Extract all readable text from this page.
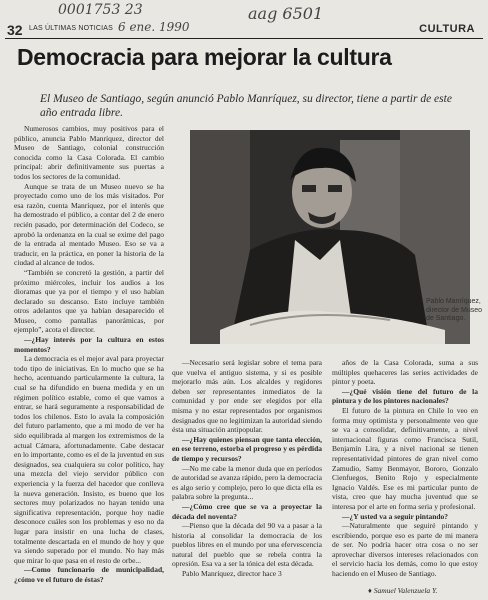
0001753 23
6 ene. 1990
aag 6501
32 LAS ÚLTIMAS NOTICIAS	CULTURA
Democracia para mejorar la cultura

El Museo de Santiago, según anunció Pablo Manríquez, su director, tiene a partir de este año entrada libre.

Pablo Manríquez, director de Museo de Santiago.

Numerosos cambios, muy positivos para el público, anuncia Pablo Manríquez, director del Museo de Santiago, colonial construcción conocida como la Casa Colorada. El cambio principal: abrir definitivamente sus puertas a todos los sectores de la comunidad.

Aunque se trata de un Museo nuevo se ha proyectado como uno de los más visitados. Por esa razón, cuenta Manríquez, por el interés que ha demostrado el público, a contar del 2 de enero recién pasado, por determinación del Codeco, se aprobó la ordenanza en la cual se exime del pago de la entrada al mentado Museo. Eso se va a traducir, en la práctica, en poner la historia de la ciudad al alcance de todos.

“También se concretó la gestión, a partir del próximo miércoles, incluir los audios a los dioramas que ya por el tiempo y el uso habían declarado su descanso. Esto incluye también otros adelantos que ya habían desaparecido el Museo, como pantallas panorámicas, por ejemplo”, acota el director.

—¿Hay interés por la cultura en estos momentos?

La democracia es el mejor aval para proyectar todo tipo de iniciativas. En lo mucho que se ha hecho, acentuando particularmente la cultura, la cual se ha difundido en buena medida y en un régimen político estable, como el que vamos a entrar, se hará seguramente a responsabilidad de todos los chilenos. Esto lo avala la composición del futuro parlamento, que a mi modo de ver ha sido equilibrada al margen los extremismos de la actual Cámara, afortunadamente. Cabe destacar en lo importante, como es el de la juventud en sus designados, sea cualquiera su color político, hay una mezcla del viejo servidor público con experiencia y la fuerza del hacedor que conlleva la nueva generación. Insisto, es bueno que los sectores muy polarizados no hayan tenido una significativa representación, porque hoy nadie desconoce cuáles son los problemas y eso no da lugar para insistir en una lucha de clases, totalmente descartada en el mundo de hoy y que va siendo superado por el mundo. No hay más que mirar lo que pasa en el resto de orbe...

—Como funcionario de municipalidad, ¿cómo ve el futuro de éstas?

—Necesario será legislar sobre el tema para que vuelva el antiguo sistema, y si es posible mejorarlo más aún. Los alcaldes y regidores deben ser representantes inmediatos de la comunidad y por ende ser elegidos por ella misma y no estar representados por organismos designados que no legitimizan la autoridad siendo ésta una situación antipopular.

—¿Hay quienes piensan que tanta elección, en ese terreno, estorba el progreso y es pérdida de tiempo y recursos?

—No me cabe la menor duda que en períodos de autoridad se avanza rápido, pero la democracia es algo serio y complejo, pero lo que dicta ella es palabra sobre la pregunta...

—¿Cómo cree que se va a proyectar la década del noventa?

—Pienso que la década del 90 va a pasar a la historia al consolidar la democracia de los pueblos libres en el mundo por una efervescencia natural del pueblo que se rebela contra la opresión. Esa va a ser la tónica del esta década.

Pablo Manríquez, director hace 3

años de la Casa Colorada, suma a sus múltiples quehaceres las series actividades de pintor y poeta.

—¿Qué visión tiene del futuro de la pintura y de los pintores nacionales?

El futuro de la pintura en Chile lo veo en forma muy optimista y personalmente veo que se va a consolidar, definitivamente, a nivel internacional figuras como Francisca Sutil, Benjamín Lira, y a nivel nacional se tienen representatividad pintores de gran nivel como Zamudio, Samy Benmayor, Bororo, Gonzalo Cienfuegos, Benito Rojo y especialmente Ignacio Valdés. Ese es mi particular punto de vista, creo que hay mucha juventud que se interesa por el arte en forma seria y profesional.

—¿Y usted va a seguir pintando?

—Naturalmente que seguiré pintando y escribiendo, porque eso es parte de mi manera de ser. No podría hacer otra cosa o no ser aprovechar diversos intereses relacionados con el servicio hacia los demás, como lo que estoy haciendo en el Museo de Santiago.

♦ Samuel Valenzuela Y.
